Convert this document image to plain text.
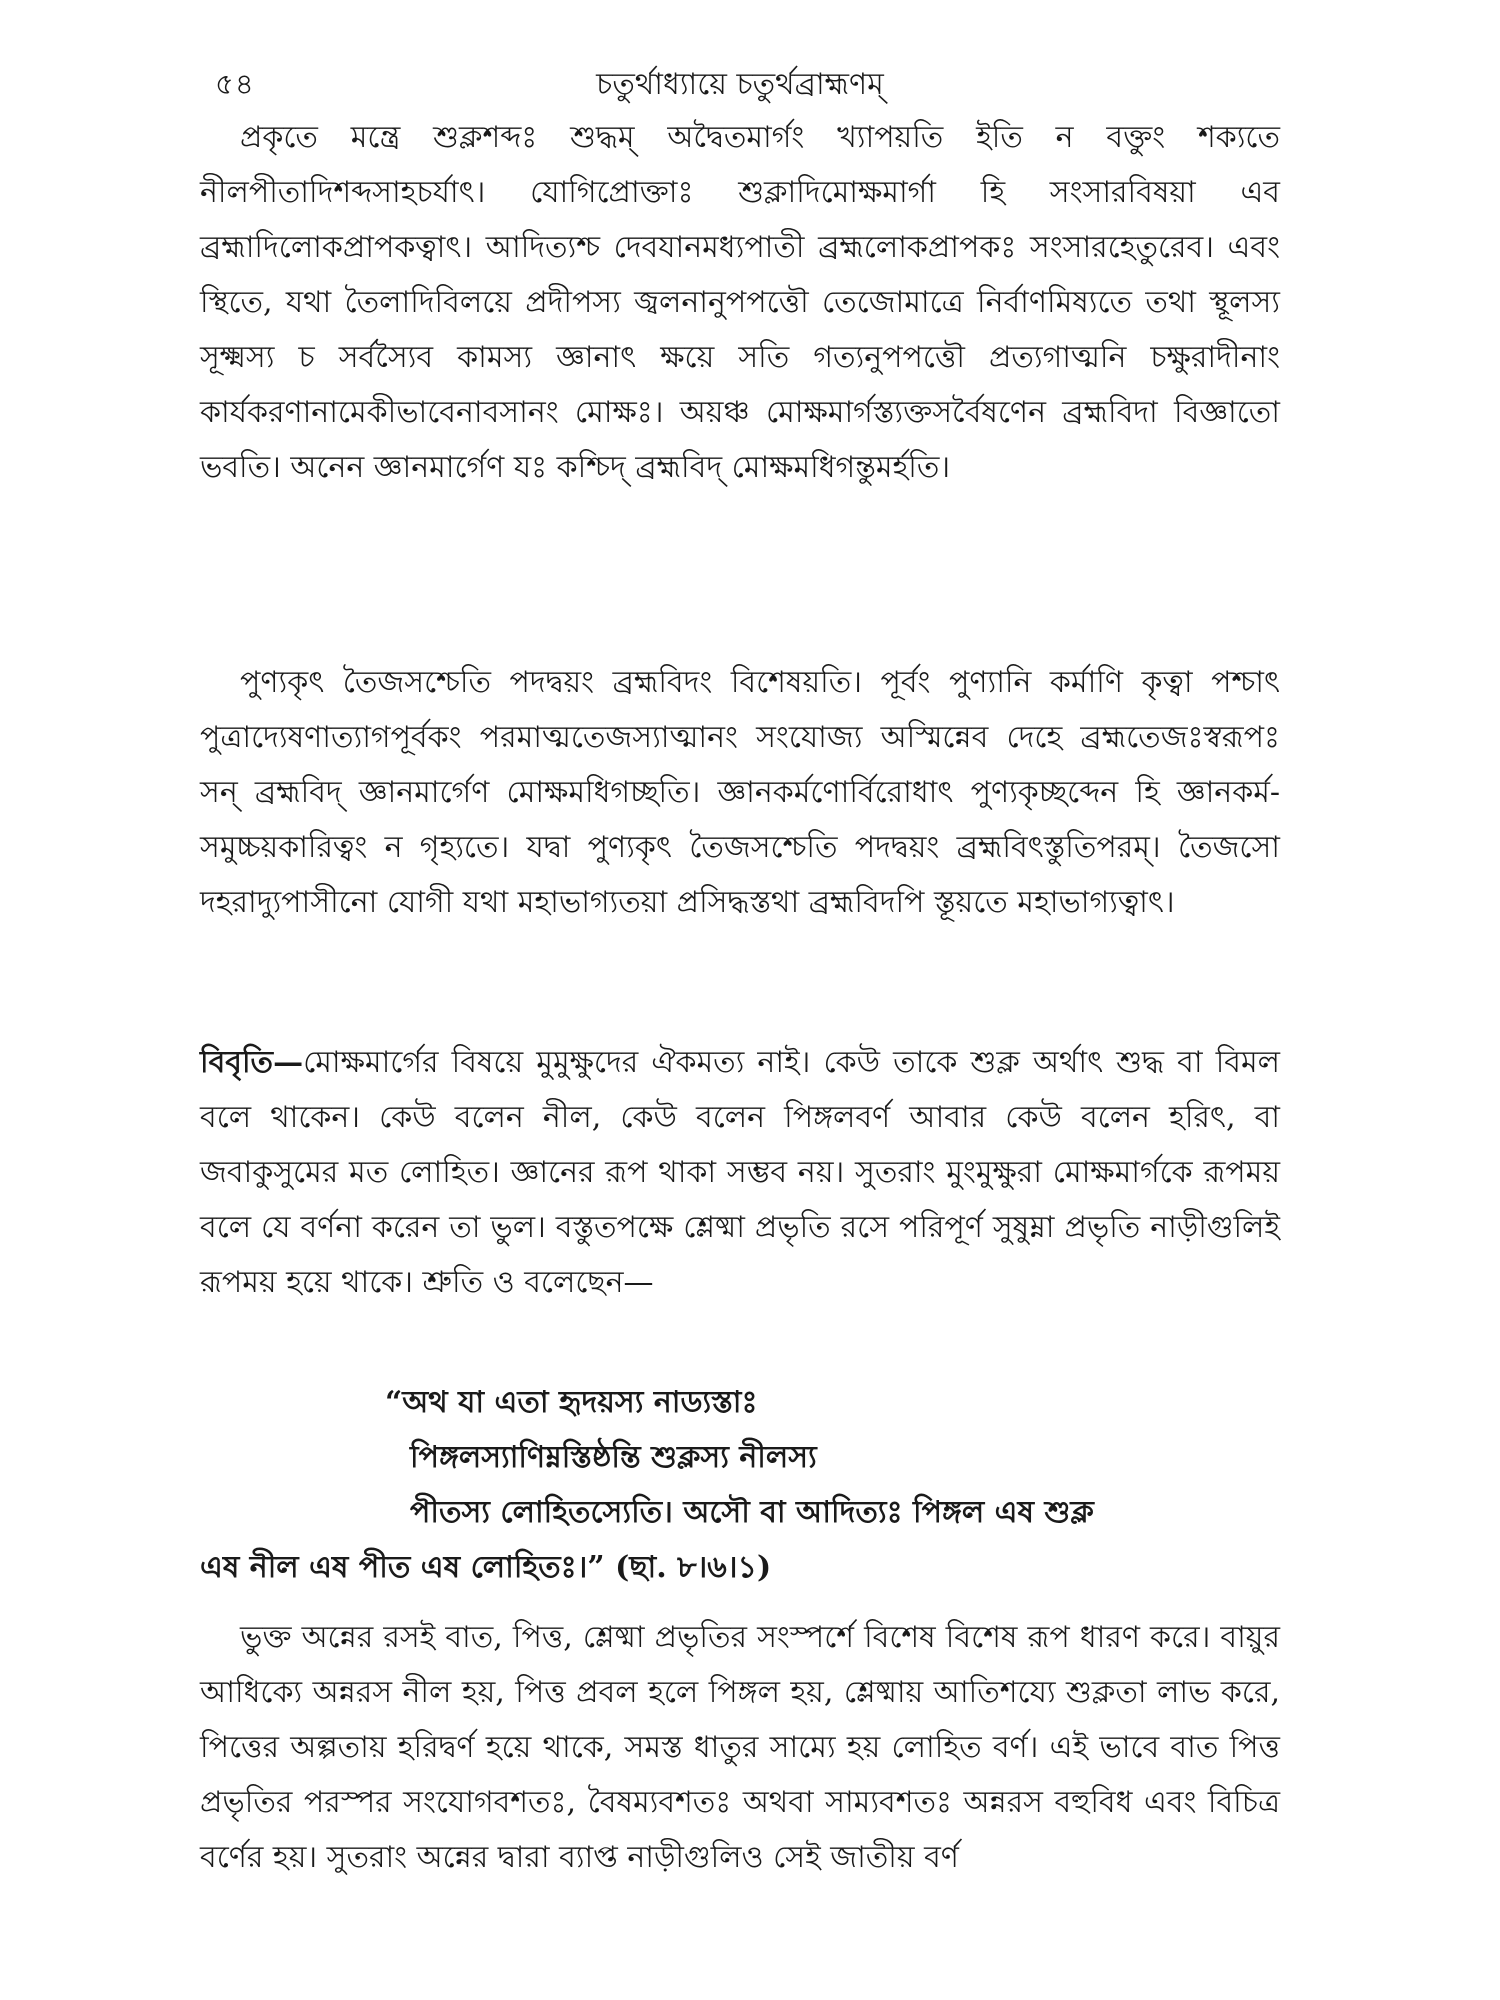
৫৪	চতুর্থাধ্যায়ে চতুর্থব্রাহ্মণম্

প্রকৃতে মন্ত্রে শুক্লশব্দঃ শুদ্ধম্ অদ্বৈতমার্গং খ্যাপয়তি ইতি ন বক্তুং শক্যতে নীলপীতাদিশব্দসাহচর্যাৎ। যোগিপ্রোক্তাঃ শুক্লাদিমোক্ষমার্গা হি সংসারবিষয়া এব ব্রহ্মাদিলোকপ্রাপকত্বাৎ। আদিত্যশ্চ দেবযানমধ্যপাতী ব্রহ্মলোকপ্রাপকঃ সংসারহেতুরেব। এবং স্থিতে, যথা তৈলাদিবিলয়ে প্রদীপস্য জ্বলনানুপপত্তৌ তেজোমাত্রে নির্বাণমিষ্যতে তথা স্থূলস্য সূক্ষ্মস্য চ সর্বস্যৈব কামস্য জ্ঞানাৎ ক্ষয়ে সতি গত্যনুপপত্তৌ প্রত্যগাত্মনি চক্ষুরাদীনাং কার্যকরণানামেকীভাবেনাবসানং মোক্ষঃ। অয়ঞ্চ মোক্ষমার্গস্ত্যক্তসর্বৈষণেন ব্রহ্মবিদা বিজ্ঞাতো ভবতি। অনেন জ্ঞানমার্গেণ যঃ কশ্চিদ্ ব্রহ্মবিদ্ মোক্ষমধিগন্তুমর্হতি।

পুণ্যকৃৎ তৈজসশ্চেতি পদদ্বয়ং ব্রহ্মবিদং বিশেষয়তি। পূর্বং পুণ্যানি কর্মাণি কৃত্বা পশ্চাৎ পুত্রাদ্যেষণাত্যাগপূর্বকং পরমাত্মতেজস্যাত্মানং সংযোজ্য অস্মিন্নেব দেহে ব্রহ্মতেজঃস্বরূপঃ সন্ ব্রহ্মবিদ্ জ্ঞানমার্গেণ মোক্ষমধিগচ্ছতি। জ্ঞানকর্মণোর্বিরোধাৎ পুণ্যকৃচ্ছব্দেন হি জ্ঞানকর্ম-সমুচ্চয়কারিত্বং ন গৃহ্যতে। যদ্বা পুণ্যকৃৎ তৈজসশ্চেতি পদদ্বয়ং ব্রহ্মবিৎস্তুতিপরম্। তৈজসো দহরাদ্যুপাসীনো যোগী যথা মহাভাগ্যতয়া প্রসিদ্ধস্তথা ব্রহ্মবিদপি স্তূয়তে মহাভাগ্যত্বাৎ।

বিবৃতি—মোক্ষমার্গের বিষয়ে মুমুক্ষুদের ঐকমত্য নাই। কেউ তাকে শুক্ল অর্থাৎ শুদ্ধ বা বিমল বলে থাকেন। কেউ বলেন নীল, কেউ বলেন পিঙ্গলবর্ণ আবার কেউ বলেন হরিৎ, বা জবাকুসুমের মত লোহিত। জ্ঞানের রূপ থাকা সম্ভব নয়। সুতরাং মুংমুক্ষুরা মোক্ষমার্গকে রূপময় বলে যে বর্ণনা করেন তা ভুল। বস্তুতপক্ষে শ্লেষ্মা প্রভৃতি রসে পরিপূর্ণ সুষুম্না প্রভৃতি নাড়ীগুলিই রূপময় হয়ে থাকে। শ্রুতি ও বলেছেন—

“অথ যা এতা হৃদয়স্য নাড্যস্তাঃ
পিঙ্গলস্যাণিম্নস্তিষ্ঠন্তি শুক্লস্য নীলস্য
পীতস্য লোহিতস্যেতি। অসৌ বা আদিত্যঃ পিঙ্গল এষ শুক্ল
এষ নীল এষ পীত এষ লোহিতঃ।” (ছা. ৮।৬।১)

ভুক্ত অন্নের রসই বাত, পিত্ত, শ্লেষ্মা প্রভৃতির সংস্পর্শে বিশেষ বিশেষ রূপ ধারণ করে। বায়ুর আধিক্যে অন্নরস নীল হয়, পিত্ত প্রবল হলে পিঙ্গল হয়, শ্লেষ্মায় আতিশয্যে শুক্লতা লাভ করে, পিত্তের অল্পতায় হরিদ্বর্ণ হয়ে থাকে, সমস্ত ধাতুর সাম্যে হয় লোহিত বর্ণ। এই ভাবে বাত পিত্ত প্রভৃতির পরস্পর সংযোগবশতঃ, বৈষম্যবশতঃ অথবা সাম্যবশতঃ অন্নরস বহুবিধ এবং বিচিত্র বর্ণের হয়। সুতরাং অন্নের দ্বারা ব্যাপ্ত নাড়ীগুলিও সেই জাতীয় বর্ণ
